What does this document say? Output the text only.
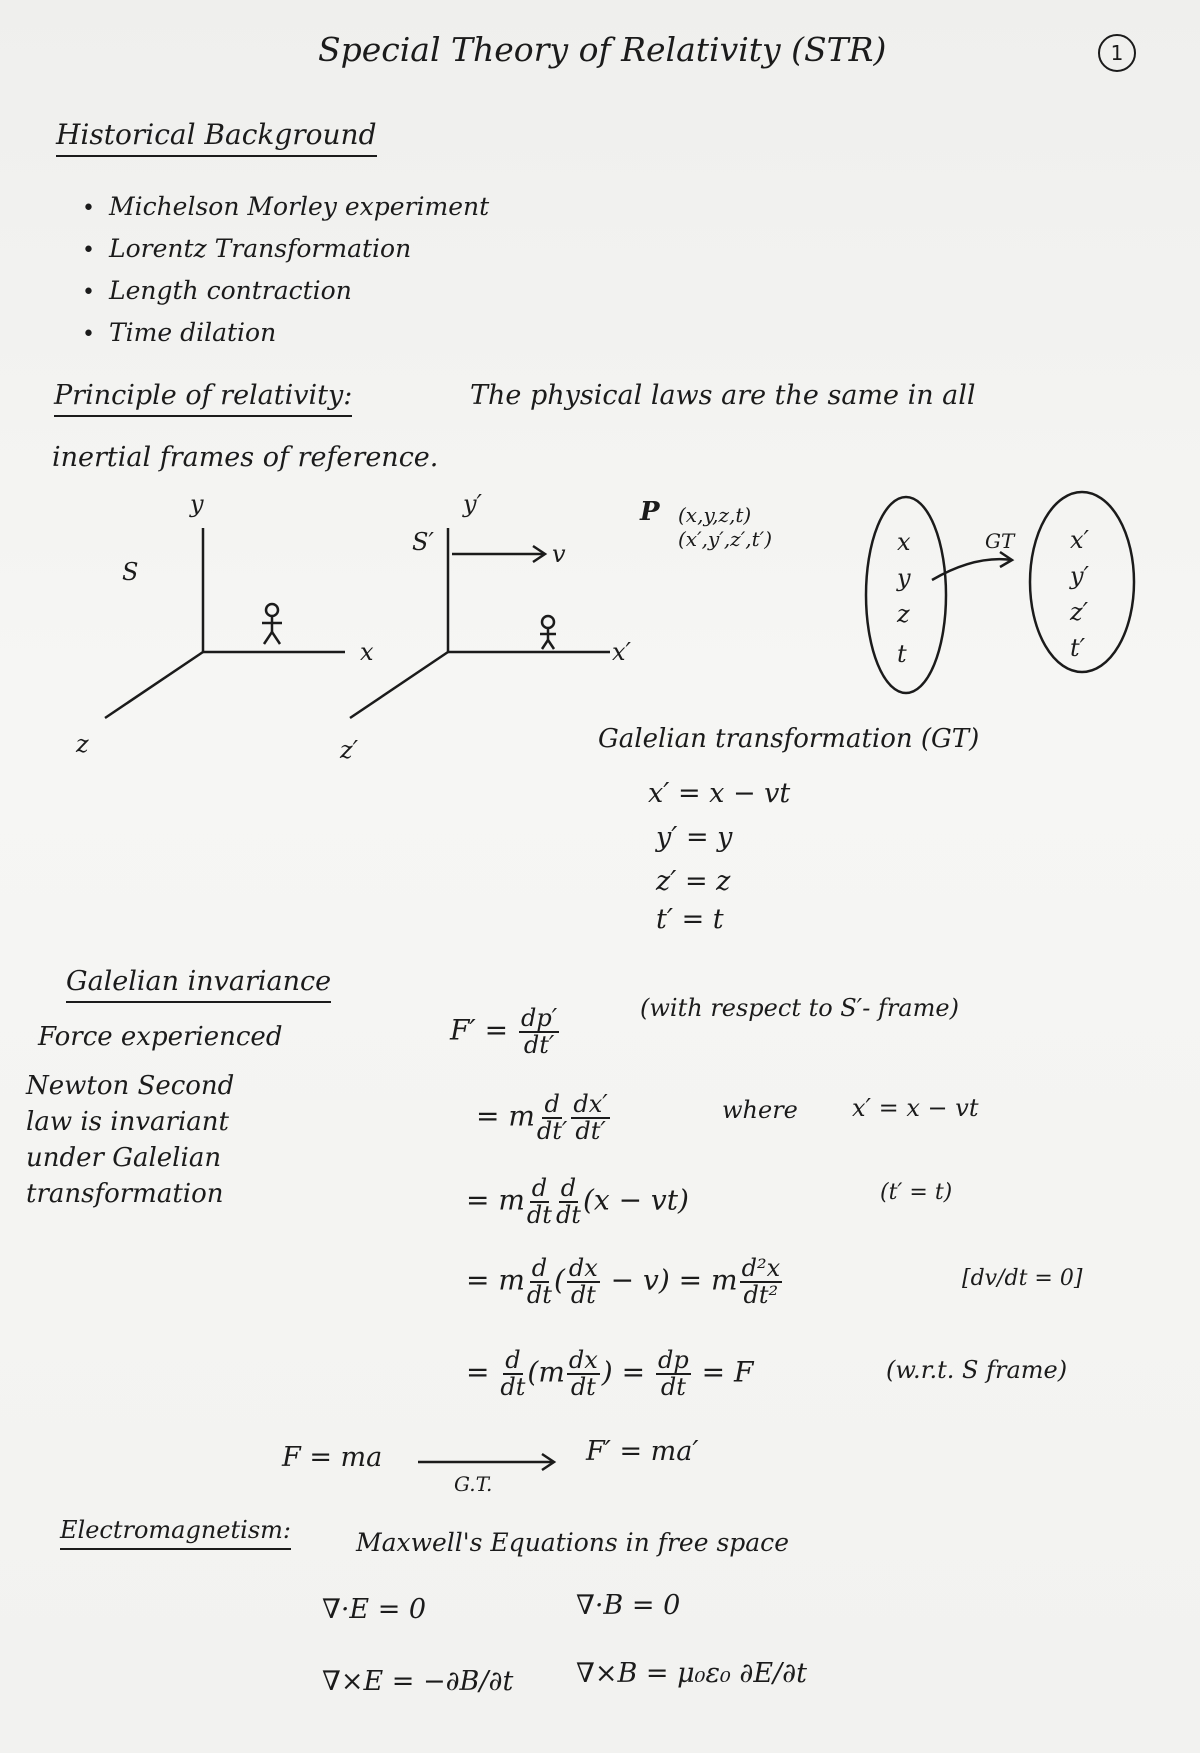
Special Theory of Relativity (STR)	1
Historical Background
• Michelson Morley experiment
• Lorentz Transformation
• Length contraction
• Time dilation
Principle of relativity:	The physical laws are the same in all
inertial frames of reference.
y
S
x
z
y′
S′	v
x′
z′
P (x,y,z,t)
(x′,y′,z′,t′)	x
y
z
t
GT x′
y′
z′
t′
Galelian transformation (GT)
x′ = x − vt
y′ = y
z′ = z
t′ = t
Galelian invariance
Force experienced
Newton Second
law is invariant
under Galelian
transformation
$F' = \frac{dp'}{dt'}$	(with respect to S′- frame)
= m $\frac{d}{dt'} \frac{dx'}{dt'}$	where x′ = x − vt
= m $\frac{d}{dt} \frac{d}{dt} (x - vt)$	(t′ = t)
= m $\frac{d}{dt}$ ( $\frac{dx}{dt} - v) = m \frac{\text{d²x}}{\text{dt²}}$	[dv/dt = 0]
= $\frac{d}{dt} (m \frac{dx}{dt}$ ) = $\frac{dp}{dt} = F$	(w.r.t. S frame)
F = ma
G.T.
F′ = ma′
Electromagnetism:	Maxwell's Equations in free space
∇·E = 0	∇·B = 0
∇×E = −∂B/∂t ∇×B = μ₀ε₀ ∂E/∂t
